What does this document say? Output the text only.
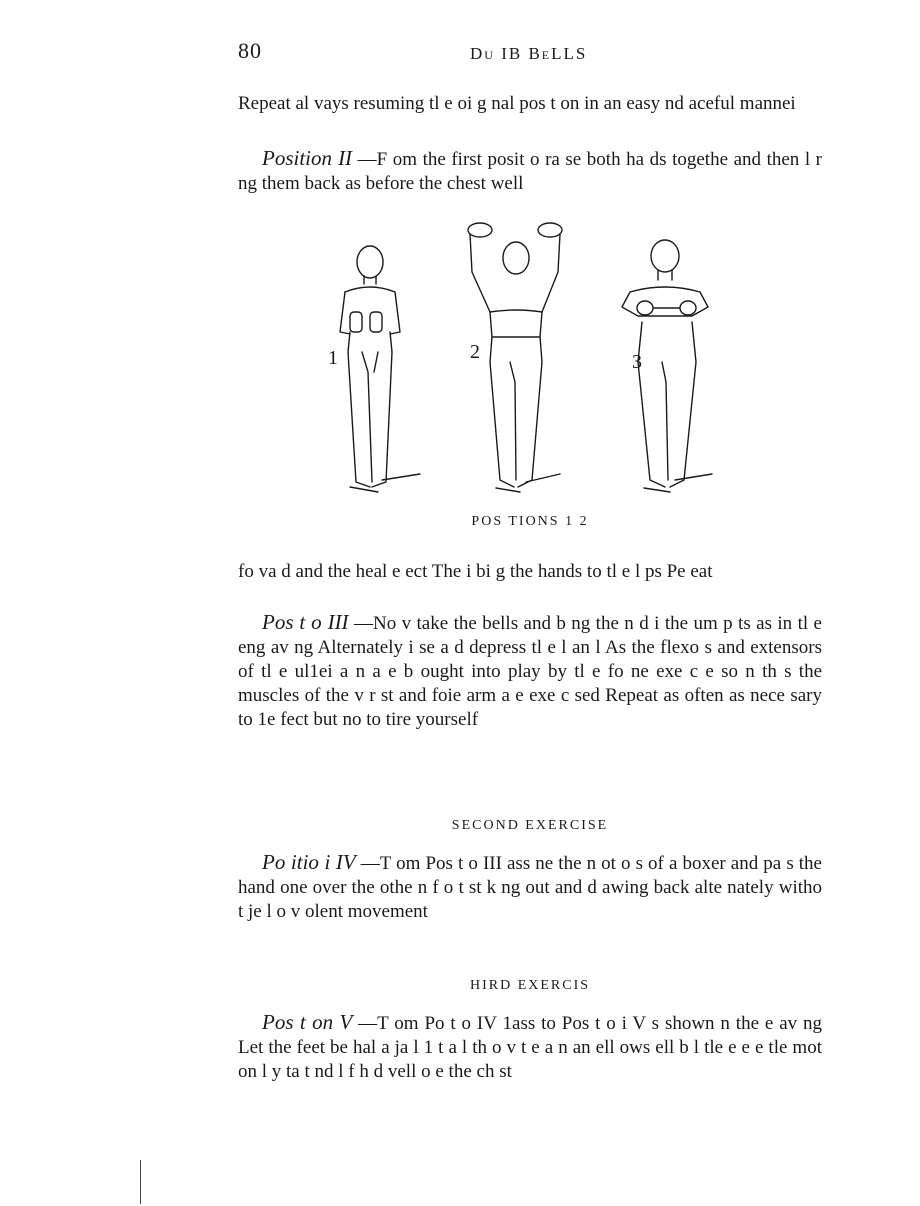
80	Du IB BeLLS

Repeat al vays resuming tl e oi g nal pos t on in an easy nd aceful mannei

Position II —F om the first posit o ra se both ha ds togethe and then l r ng them back as before the chest well

1	2	3
POS TIONS 1 2

fo va d and the heal e ect The i bi g the hands to tl e l ps Pe eat

Pos t o III —No v take the bells and b ng the n d i the um p ts as in tl e eng av ng Alternately i se a d depress tl e l an l As the flexo s and extensors of tl e ul1ei a n a e b ought into play by tl e fo ne exe c e so n th s the muscles of the v r st and foie arm a e exe c sed Repeat as often as nece sary to 1e fect but no to tire yourself

SECOND EXERCISE

Po itio i IV —T om Pos t o III ass ne the n ot o s of a boxer and pa s the hand one over the othe n f o t st k ng out and d awing back alte nately witho t je l o v olent movement

HIRD EXERCIS

Pos t on V —T om Po t o IV 1ass to Pos t o i V s shown n the e av ng Let the feet be hal a ja l 1 t a l th o v t e a n an ell ows ell b l tle e e e tle mot on l y ta t nd l f h d vell o e the ch st
